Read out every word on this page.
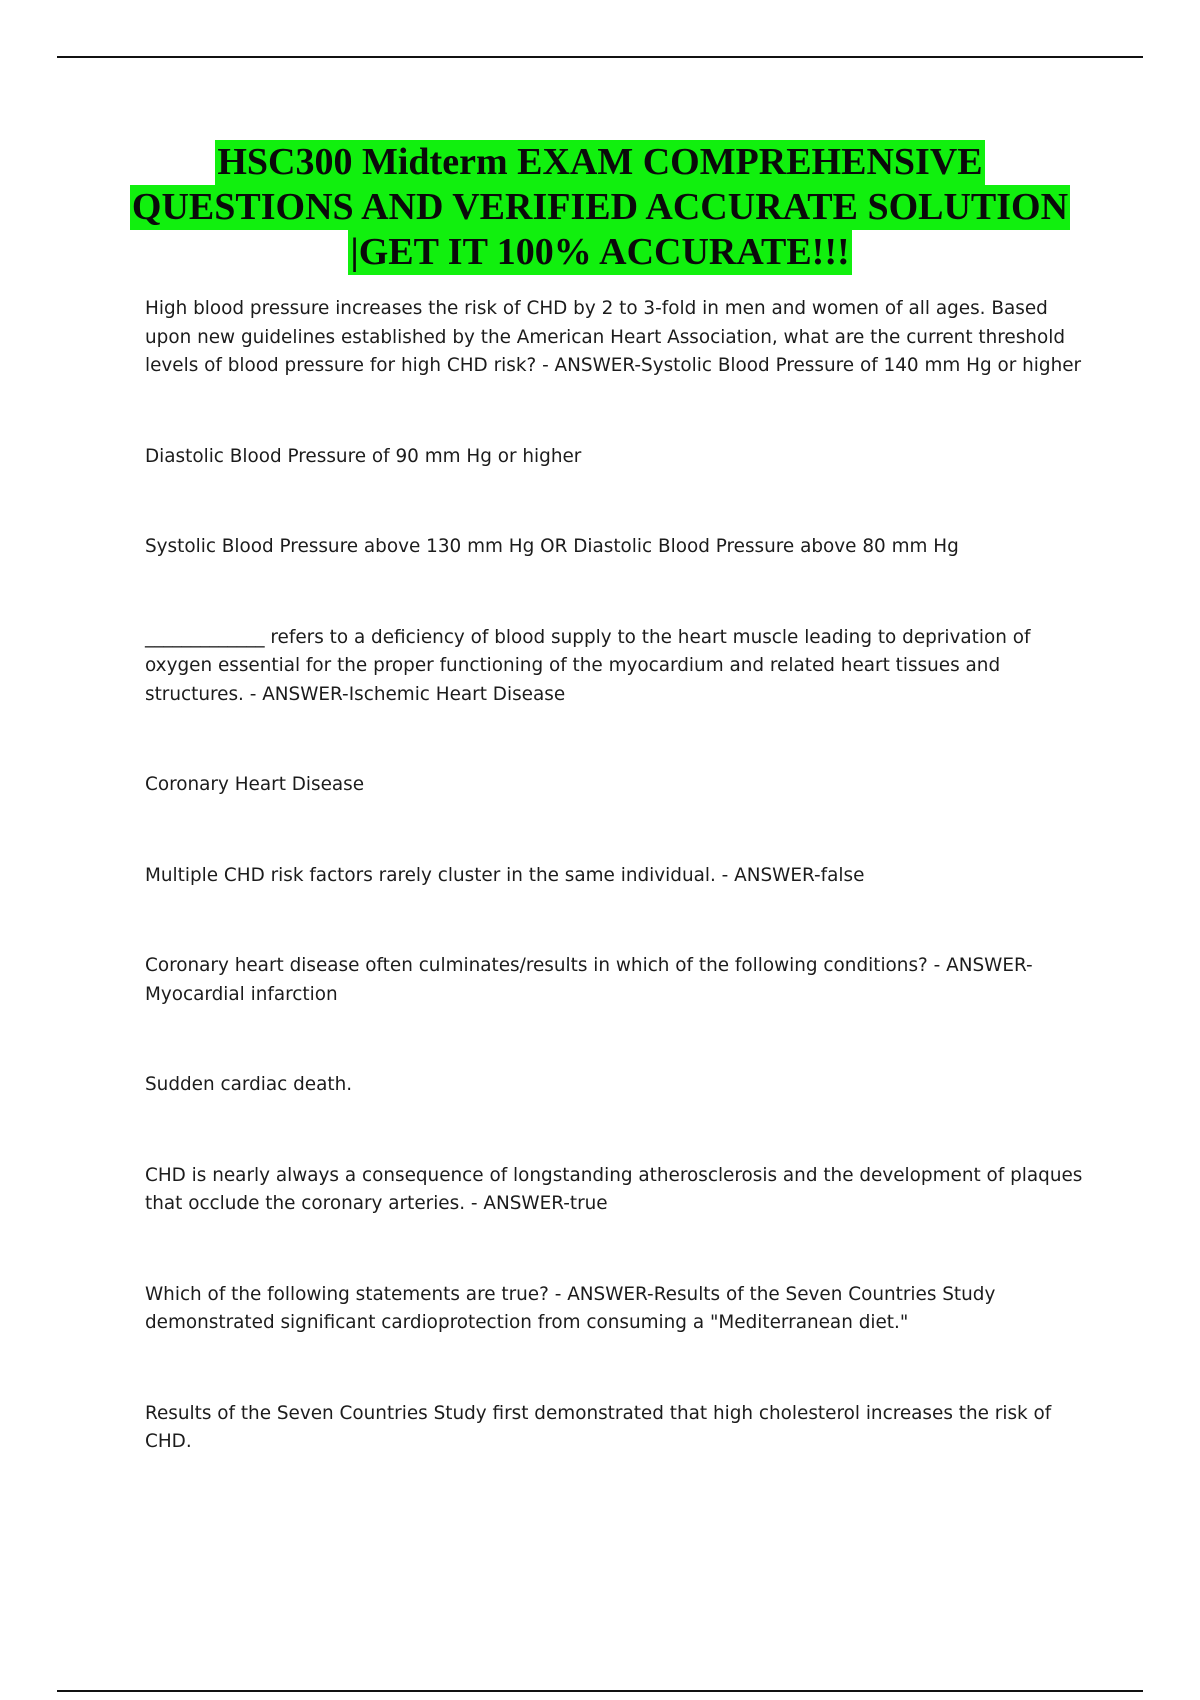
HSC300 Midterm EXAM COMPREHENSIVE
QUESTIONS AND VERIFIED ACCURATE SOLUTION
|GET IT 100% ACCURATE!!!

High blood pressure increases the risk of CHD by 2 to 3-fold in men and women of all ages. Based upon new guidelines established by the American Heart Association, what are the current threshold levels of blood pressure for high CHD risk? - ANSWER-Systolic Blood Pressure of 140 mm Hg or higher

Diastolic Blood Pressure of 90 mm Hg or higher

Systolic Blood Pressure above 130 mm Hg OR Diastolic Blood Pressure above 80 mm Hg

_____________ refers to a deficiency of blood supply to the heart muscle leading to deprivation of oxygen essential for the proper functioning of the myocardium and related heart tissues and structures. - ANSWER-Ischemic Heart Disease

Coronary Heart Disease

Multiple CHD risk factors rarely cluster in the same individual. - ANSWER-false

Coronary heart disease often culminates/results in which of the following conditions? - ANSWER-Myocardial infarction

Sudden cardiac death.

CHD is nearly always a consequence of longstanding atherosclerosis and the development of plaques that occlude the coronary arteries. - ANSWER-true

Which of the following statements are true? - ANSWER-Results of the Seven Countries Study demonstrated significant cardioprotection from consuming a "Mediterranean diet."

Results of the Seven Countries Study first demonstrated that high cholesterol increases the risk of CHD.
